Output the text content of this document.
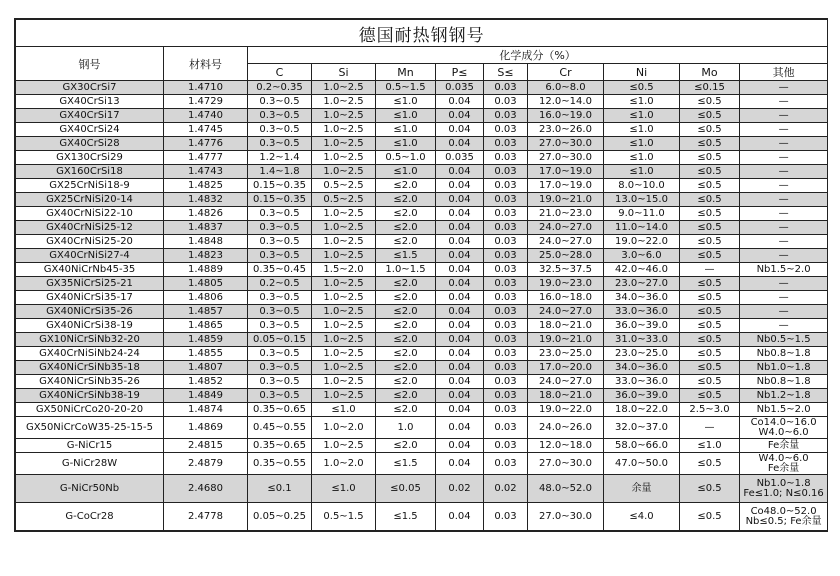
德国耐热钢钢号										
钢号	材料号	化学成分（%）								
		C	Si	Mn	P≤	S≤	Cr	Ni	Mo	其他
GX30CrSi7	1.4710	0.2~0.35	1.0~2.5	0.5~1.5	0.035	0.03	6.0~8.0	≤0.5	≤0.15	—

GX40CrSi13	1.4729	0.3~0.5	1.0~2.5	≤1.0	0.04	0.03	12.0~14.0	≤1.0	≤0.5	—

GX40CrSi17	1.4740	0.3~0.5	1.0~2.5	≤1.0	0.04	0.03	16.0~19.0	≤1.0	≤0.5	—

GX40CrSi24	1.4745	0.3~0.5	1.0~2.5	≤1.0	0.04	0.03	23.0~26.0	≤1.0	≤0.5	—

GX40CrSi28	1.4776	0.3~0.5	1.0~2.5	≤1.0	0.04	0.03	27.0~30.0	≤1.0	≤0.5	—

GX130CrSi29	1.4777	1.2~1.4	1.0~2.5	0.5~1.0	0.035	0.03	27.0~30.0	≤1.0	≤0.5	—

GX160CrSi18	1.4743	1.4~1.8	1.0~2.5	≤1.0	0.04	0.03	17.0~19.0	≤1.0	≤0.5	—

GX25CrNiSi18-9	1.4825	0.15~0.35	0.5~2.5	≤2.0	0.04	0.03	17.0~19.0	8.0~10.0	≤0.5	—

GX25CrNiSi20-14	1.4832	0.15~0.35	0.5~2.5	≤2.0	0.04	0.03	19.0~21.0	13.0~15.0	≤0.5	—

GX40CrNiSi22-10	1.4826	0.3~0.5	1.0~2.5	≤2.0	0.04	0.03	21.0~23.0	9.0~11.0	≤0.5	—

GX40CrNiSi25-12	1.4837	0.3~0.5	1.0~2.5	≤2.0	0.04	0.03	24.0~27.0	11.0~14.0	≤0.5	—

GX40CrNiSi25-20	1.4848	0.3~0.5	1.0~2.5	≤2.0	0.04	0.03	24.0~27.0	19.0~22.0	≤0.5	—

GX40CrNiSi27-4	1.4823	0.3~0.5	1.0~2.5	≤1.5	0.04	0.03	25.0~28.0	3.0~6.0	≤0.5	—

GX40NiCrNb45-35	1.4889	0.35~0.45	1.5~2.0	1.0~1.5	0.04	0.03	32.5~37.5	42.0~46.0	—	Nb1.5~2.0

GX35NiCrSi25-21	1.4805	0.2~0.5	1.0~2.5	≤2.0	0.04	0.03	19.0~23.0	23.0~27.0	≤0.5	—

GX40NiCrSi35-17	1.4806	0.3~0.5	1.0~2.5	≤2.0	0.04	0.03	16.0~18.0	34.0~36.0	≤0.5	—

GX40NiCrSi35-26	1.4857	0.3~0.5	1.0~2.5	≤2.0	0.04	0.03	24.0~27.0	33.0~36.0	≤0.5	—

GX40NiCrSi38-19	1.4865	0.3~0.5	1.0~2.5	≤2.0	0.04	0.03	18.0~21.0	36.0~39.0	≤0.5	—

GX10NiCrSiNb32-20	1.4859	0.05~0.15	1.0~2.5	≤2.0	0.04	0.03	19.0~21.0	31.0~33.0	≤0.5	Nb0.5~1.5

GX40CrNiSiNb24-24	1.4855	0.3~0.5	1.0~2.5	≤2.0	0.04	0.03	23.0~25.0	23.0~25.0	≤0.5	Nb0.8~1.8

GX40NiCrSiNb35-18	1.4807	0.3~0.5	1.0~2.5	≤2.0	0.04	0.03	17.0~20.0	34.0~36.0	≤0.5	Nb1.0~1.8

GX40NiCrSiNb35-26	1.4852	0.3~0.5	1.0~2.5	≤2.0	0.04	0.03	24.0~27.0	33.0~36.0	≤0.5	Nb0.8~1.8

GX40NiCrSiNb38-19	1.4849	0.3~0.5	1.0~2.5	≤2.0	0.04	0.03	18.0~21.0	36.0~39.0	≤0.5	Nb1.2~1.8

GX50NiCrCo20-20-20	1.4874	0.35~0.65	≤1.0	≤2.0	0.04	0.03	19.0~22.0	18.0~22.0	2.5~3.0	Nb1.5~2.0

GX50NiCrCoW35-25-15-5	1.4869	0.45~0.55	1.0~2.0	1.0	0.04	0.03	24.0~26.0	32.0~37.0	—	Co14.0~16.0
W4.0~6.0

G-NiCr15	2.4815	0.35~0.65	1.0~2.5	≤2.0	0.04	0.03	12.0~18.0	58.0~66.0	≤1.0	Fe余量

G-NiCr28W	2.4879	0.35~0.55	1.0~2.0	≤1.5	0.04	0.03	27.0~30.0	47.0~50.0	≤0.5	W4.0~6.0
Fe余量

G-NiCr50Nb	2.4680	≤0.1	≤1.0	≤0.05	0.02	0.02	48.0~52.0	余量	≤0.5	Nb1.0~1.8
Fe≤1.0; N≤0.16

G-CoCr28	2.4778	0.05~0.25	0.5~1.5	≤1.5	0.04	0.03	27.0~30.0	≤4.0	≤0.5	Co48.0~52.0
Nb≤0.5; Fe余量
